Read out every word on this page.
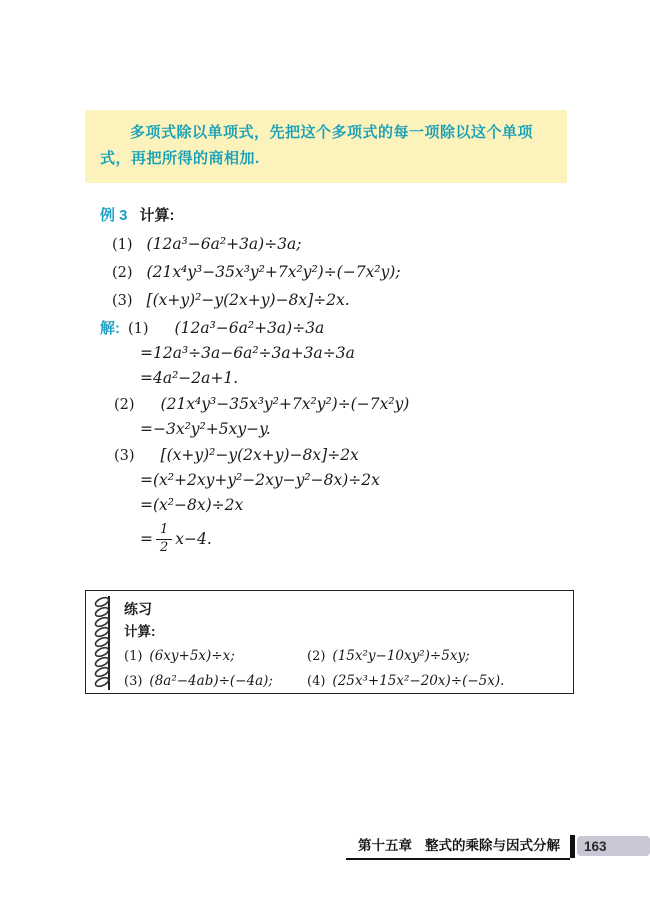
多项式除以单项式，先把这个多项式的每一项除以这个单项式，再把所得的商相加.

例 3 计算:
(1) (12a³−6a²+3a)÷3a;
(2) (21x⁴y³−35x³y²+7x²y²)÷(−7x²y);
(3) [(x+y)²−y(2x+y)−8x]÷2x.
解: (1) (12a³−6a²+3a)÷3a
=12a³÷3a−6a²÷3a+3a÷3a
=4a²−2a+1.
(2) (21x⁴y³−35x³y²+7x²y²)÷(−7x²y)
=−3x²y²+5xy−y.
(3) [(x+y)²−y(2x+y)−8x]÷2x
=(x²+2xy+y²−2xy−y²−8x)÷2x
=(x²−8x)÷2x
= $\frac{1}{2} x-4$.
练习
计算:
(1) (6xy+5x)÷x;	(2) (15x²y−10xy²)÷5xy;
(3) (8a²−4ab)÷(−4a);	(4) (25x³+15x²−20x)÷(−5x).
第十五章 整式的乘除与因式分解	163
